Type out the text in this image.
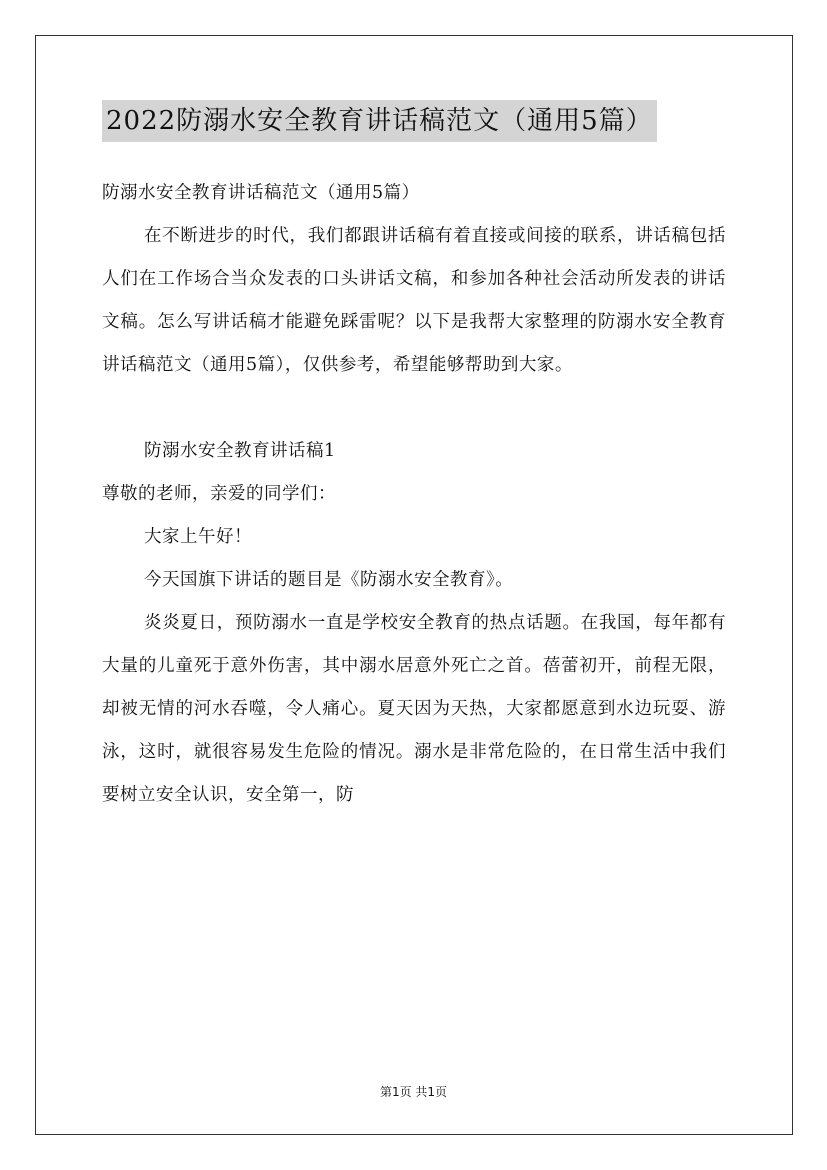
2022防溺水安全教育讲话稿范文（通用5篇）

防溺水安全教育讲话稿范文（通用5篇）

在不断进步的时代，我们都跟讲话稿有着直接或间接的联系，讲话稿包括人们在工作场合当众发表的口头讲话文稿，和参加各种社会活动所发表的讲话文稿。怎么写讲话稿才能避免踩雷呢？以下是我帮大家整理的防溺水安全教育讲话稿范文（通用5篇），仅供参考，希望能够帮助到大家。

防溺水安全教育讲话稿1

尊敬的老师，亲爱的同学们：

大家上午好！

今天国旗下讲话的题目是《防溺水安全教育》。

炎炎夏日，预防溺水一直是学校安全教育的热点话题。在我国，每年都有大量的儿童死于意外伤害，其中溺水居意外死亡之首。蓓蕾初开，前程无限，却被无情的河水吞噬，令人痛心。夏天因为天热，大家都愿意到水边玩耍、游泳，这时，就很容易发生危险的情况。溺水是非常危险的，在日常生活中我们要树立安全认识，安全第一，防

第1页 共1页
